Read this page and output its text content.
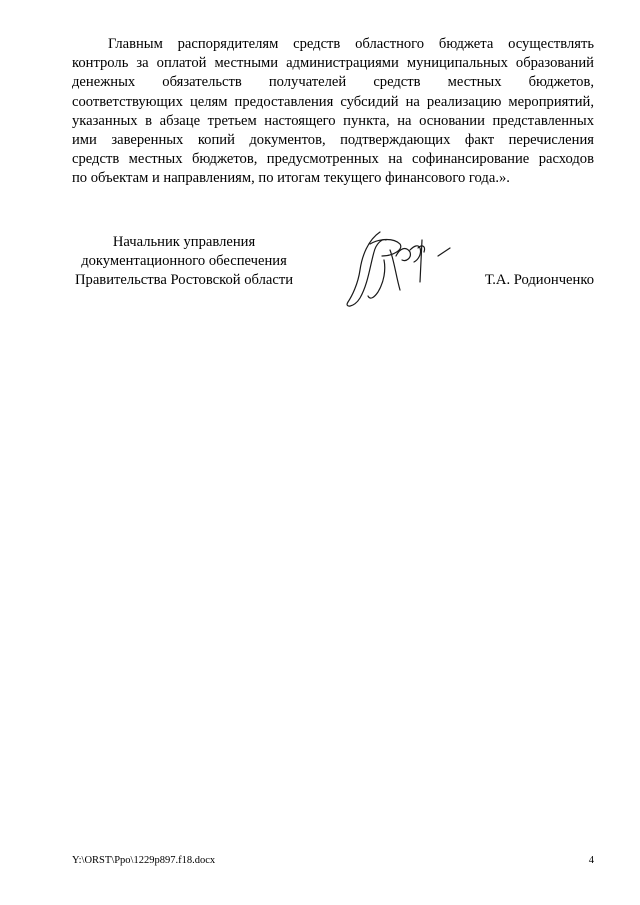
Главным распорядителям средств областного бюджета осуществлять
контроль за оплатой местными администрациями муниципальных образований
денежных обязательств получателей средств местных бюджетов,
соответствующих целям предоставления субсидий на реализацию мероприятий,
указанных в абзаце третьем настоящего пункта, на основании представленных
ими заверенных копий документов, подтверждающих факт перечисления
средств местных бюджетов, предусмотренных на софинансирование расходов
по объектам и направлениям, по итогам текущего финансового года.».
Начальник управления
документационного обеспечения
Правительства Ростовской области	Т.А. Родионченко
Y:\ORST\Ppo\1229p897.f18.docx	4
